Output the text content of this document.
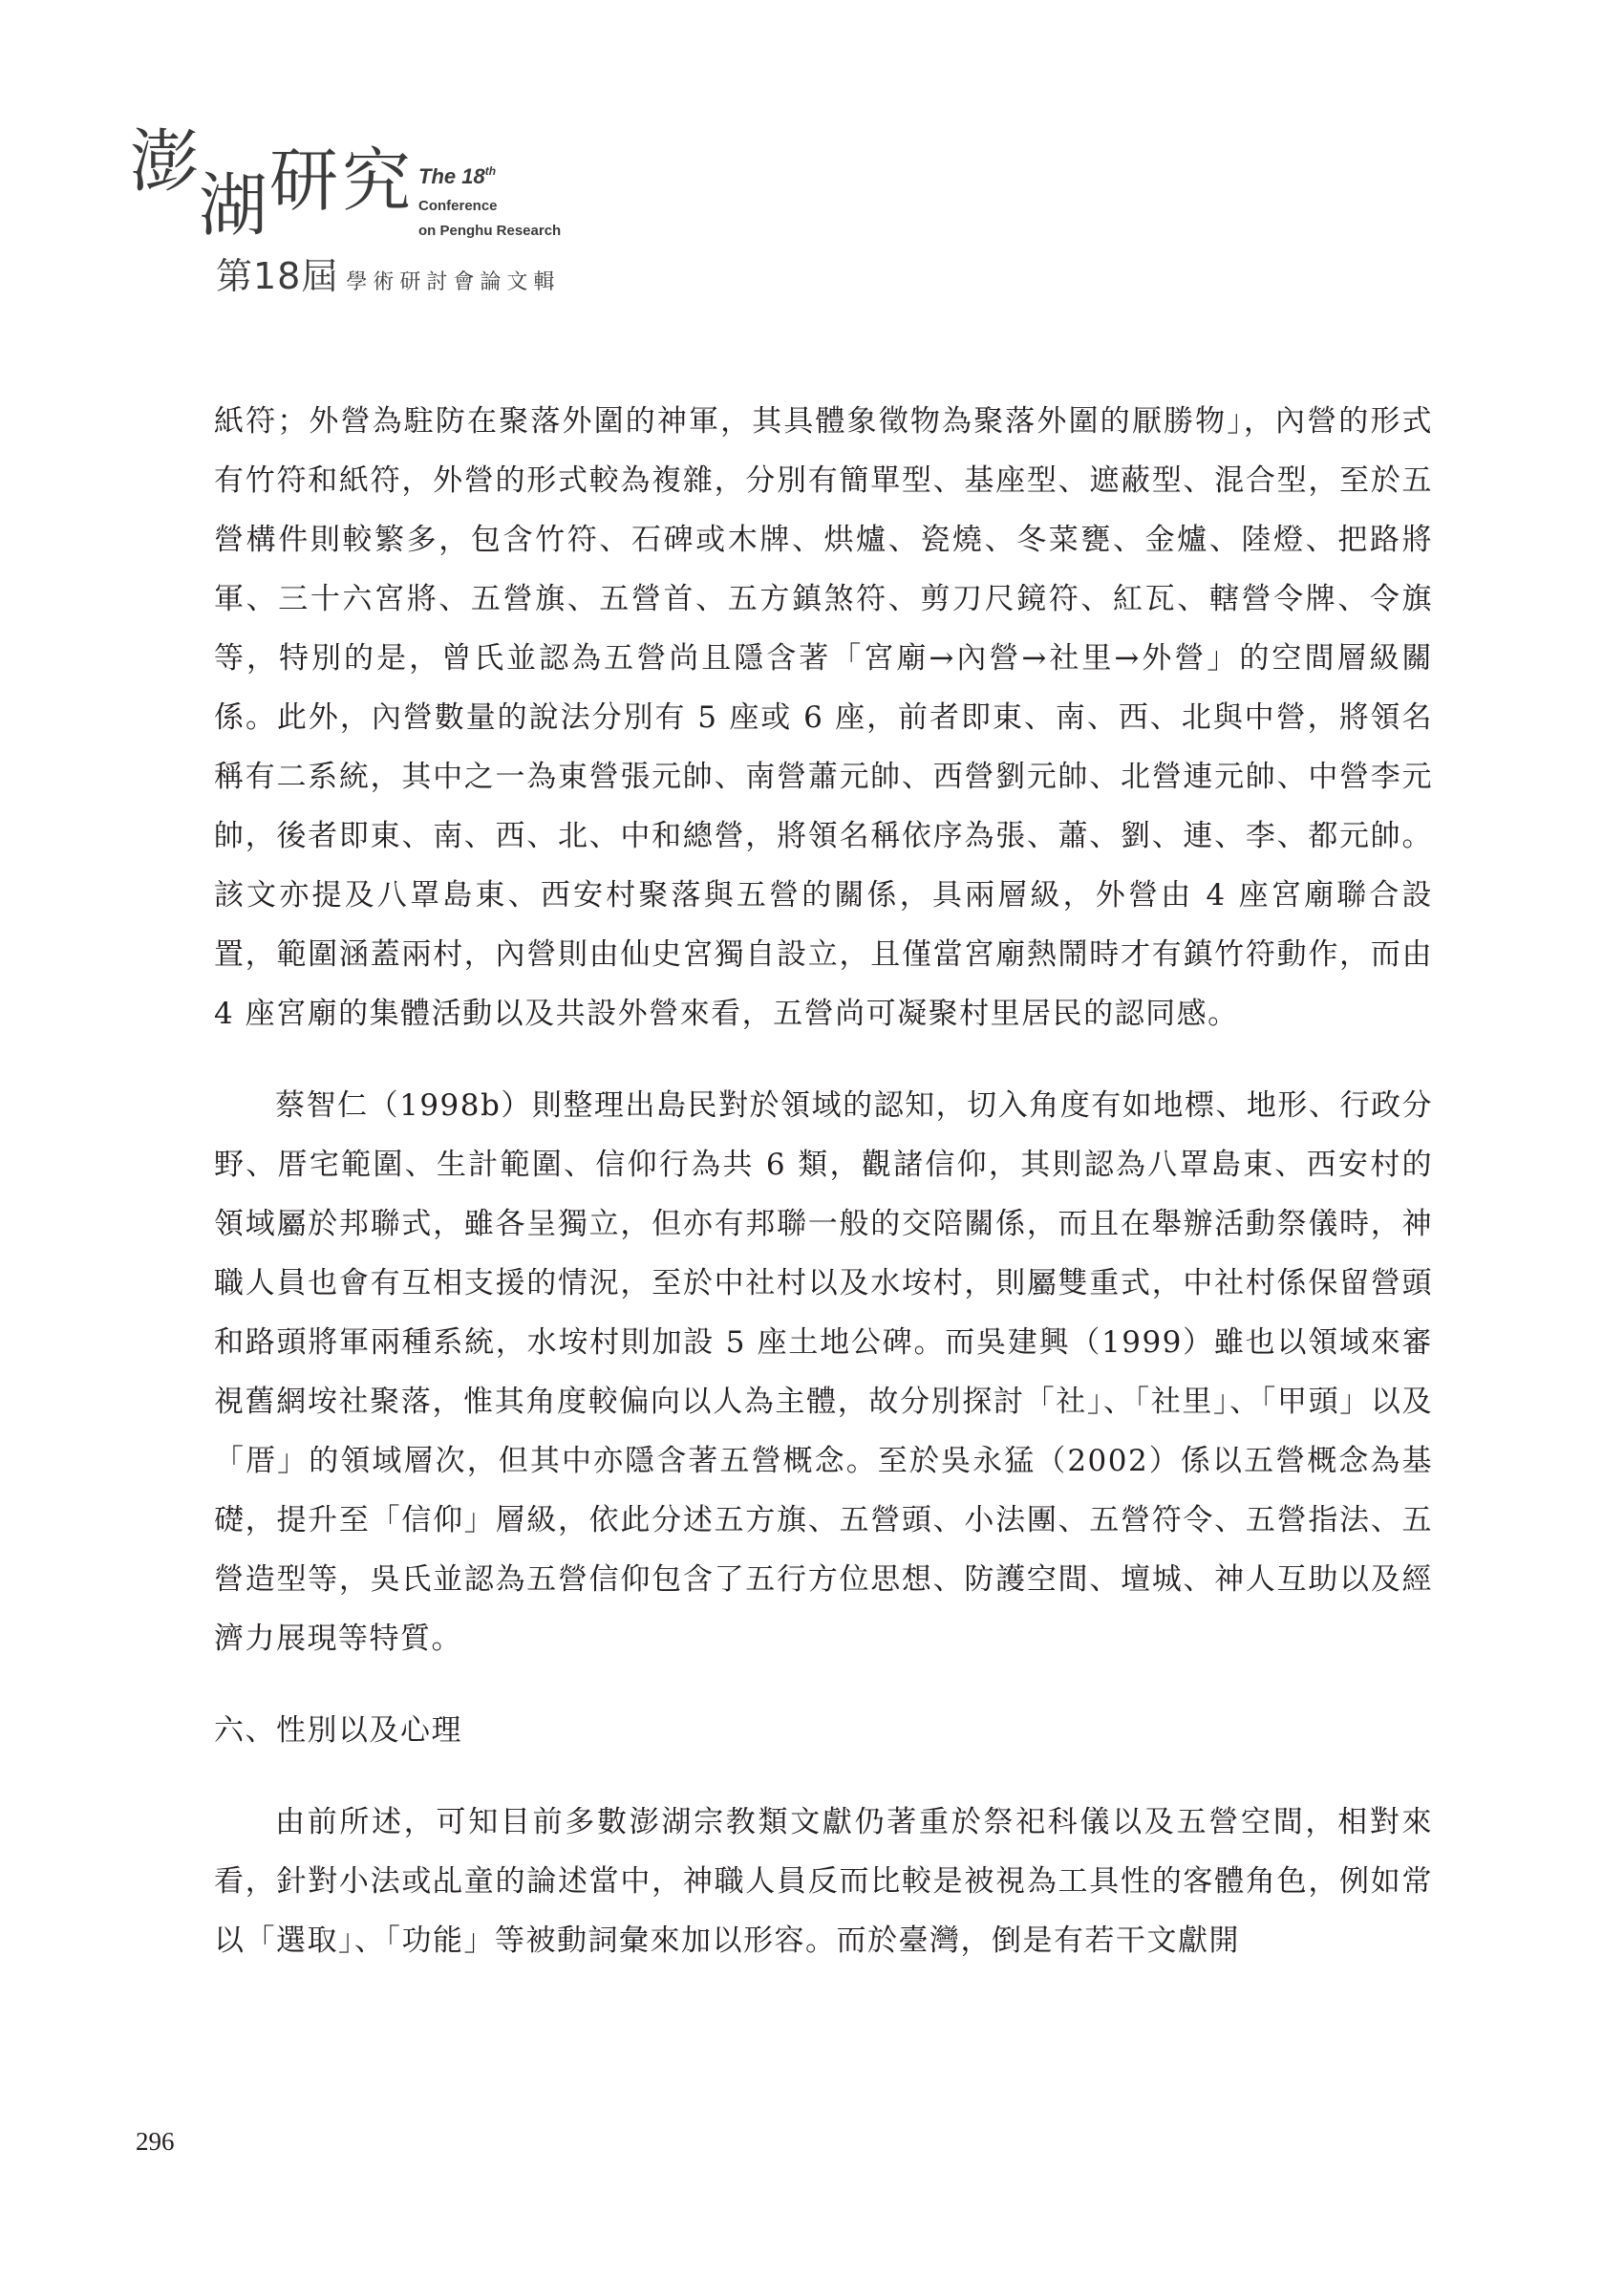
澎
湖 研 究 The 18th
Conference
on Penghu Research
第18屆 學術研討會論文輯

紙符；外營為駐防在聚落外圍的神軍，其具體象徵物為聚落外圍的厭勝物」，內營的形式有竹符和紙符，外營的形式較為複雜，分別有簡單型、基座型、遮蔽型、混合型，至於五營構件則較繁多，包含竹符、石碑或木牌、烘爐、瓷燒、冬菜甕、金爐、陸燈、把路將軍、三十六宮將、五營旗、五營首、五方鎮煞符、剪刀尺鏡符、紅瓦、轄營令牌、令旗等，特別的是，曾氏並認為五營尚且隱含著「宮廟→內營→社里→外營」的空間層級關係。此外，內營數量的說法分別有 5 座或 6 座，前者即東、南、西、北與中營，將領名稱有二系統，其中之一為東營張元帥、南營蕭元帥、西營劉元帥、北營連元帥、中營李元帥，後者即東、南、西、北、中和總營，將領名稱依序為張、蕭、劉、連、李、都元帥。該文亦提及八罩島東、西安村聚落與五營的關係，具兩層級，外營由 4 座宮廟聯合設置，範圍涵蓋兩村，內營則由仙史宮獨自設立，且僅當宮廟熱鬧時才有鎮竹符動作，而由 4 座宮廟的集體活動以及共設外營來看，五營尚可凝聚村里居民的認同感。

蔡智仁（1998b）則整理出島民對於領域的認知，切入角度有如地標、地形、行政分野、厝宅範圍、生計範圍、信仰行為共 6 類，觀諸信仰，其則認為八罩島東、西安村的領域屬於邦聯式，雖各呈獨立，但亦有邦聯一般的交陪關係，而且在舉辦活動祭儀時，神職人員也會有互相支援的情況，至於中社村以及水垵村，則屬雙重式，中社村係保留營頭和路頭將軍兩種系統，水垵村則加設 5 座土地公碑。而吳建興（1999）雖也以領域來審視舊網垵社聚落，惟其角度較偏向以人為主體，故分別探討「社」、「社里」、「甲頭」以及「厝」的領域層次，但其中亦隱含著五營概念。至於吳永猛（2002）係以五營概念為基礎，提升至「信仰」層級，依此分述五方旗、五營頭、小法團、五營符令、五營指法、五營造型等，吳氏並認為五營信仰包含了五行方位思想、防護空間、壇城、神人互助以及經濟力展現等特質。

六、性別以及心理

由前所述，可知目前多數澎湖宗教類文獻仍著重於祭祀科儀以及五營空間，相對來看，針對小法或乩童的論述當中，神職人員反而比較是被視為工具性的客體角色，例如常以「選取」、「功能」等被動詞彙來加以形容。而於臺灣，倒是有若干文獻開

296
